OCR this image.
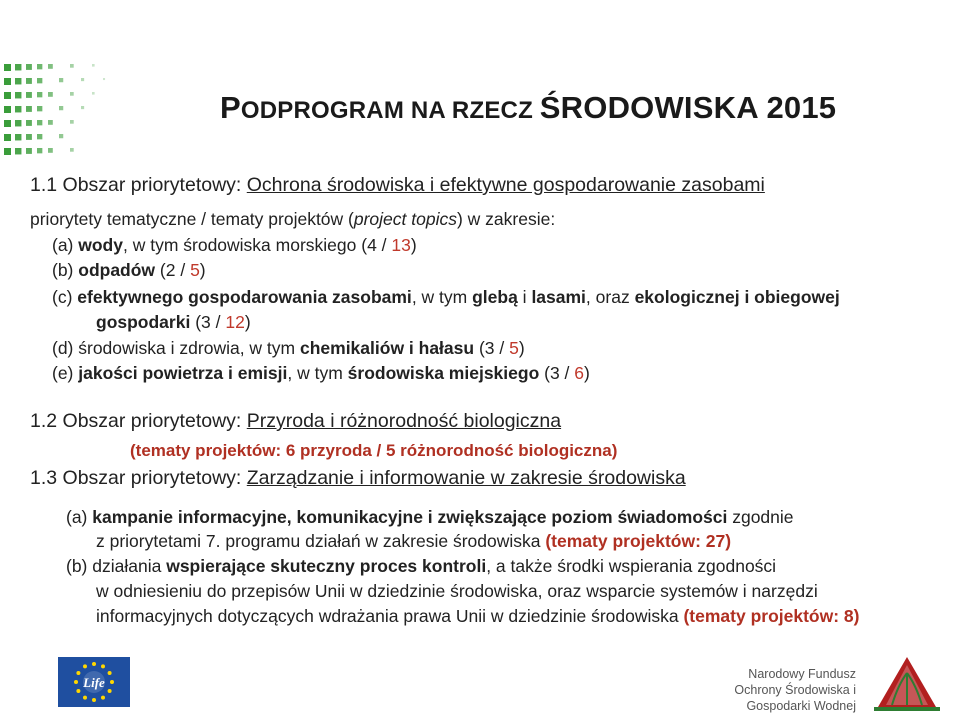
PODPROGRAM NA RZECZ ŚRODOWISKA 2015
1.1 Obszar priorytetowy: Ochrona środowiska i efektywne gospodarowanie zasobami
priorytety tematyczne / tematy projektów (project topics) w zakresie:
(a) wody, w tym środowiska morskiego (4 / 13)
(b) odpadów (2 / 5)
(c) efektywnego gospodarowania zasobami, w tym glebą i lasami, oraz ekologicznej i obiegowej
gospodarki (3 / 12)
(d) środowiska i zdrowia, w tym chemikaliów i hałasu (3 / 5)
(e) jakości powietrza i emisji, w tym środowiska miejskiego (3 / 6)
1.2 Obszar priorytetowy: Przyroda i różnorodność biologiczna
(tematy projektów: 6 przyroda / 5 różnorodność biologiczna)
1.3 Obszar priorytetowy: Zarządzanie i informowanie w zakresie środowiska
(a) kampanie informacyjne, komunikacyjne i zwiększające poziom świadomości zgodnie
z priorytetami 7. programu działań w zakresie środowiska (tematy projektów: 27)
(b) działania wspierające skuteczny proces kontroli, a także środki wspierania zgodności
w odniesieniu do przepisów Unii w dziedzinie środowiska, oraz wsparcie systemów i narzędzi
informacyjnych dotyczących wdrażania prawa Unii w dziedzinie środowiska (tematy projektów: 8)
Life
Narodowy Fundusz
Ochrony Środowiska i Gospodarki Wodnej
